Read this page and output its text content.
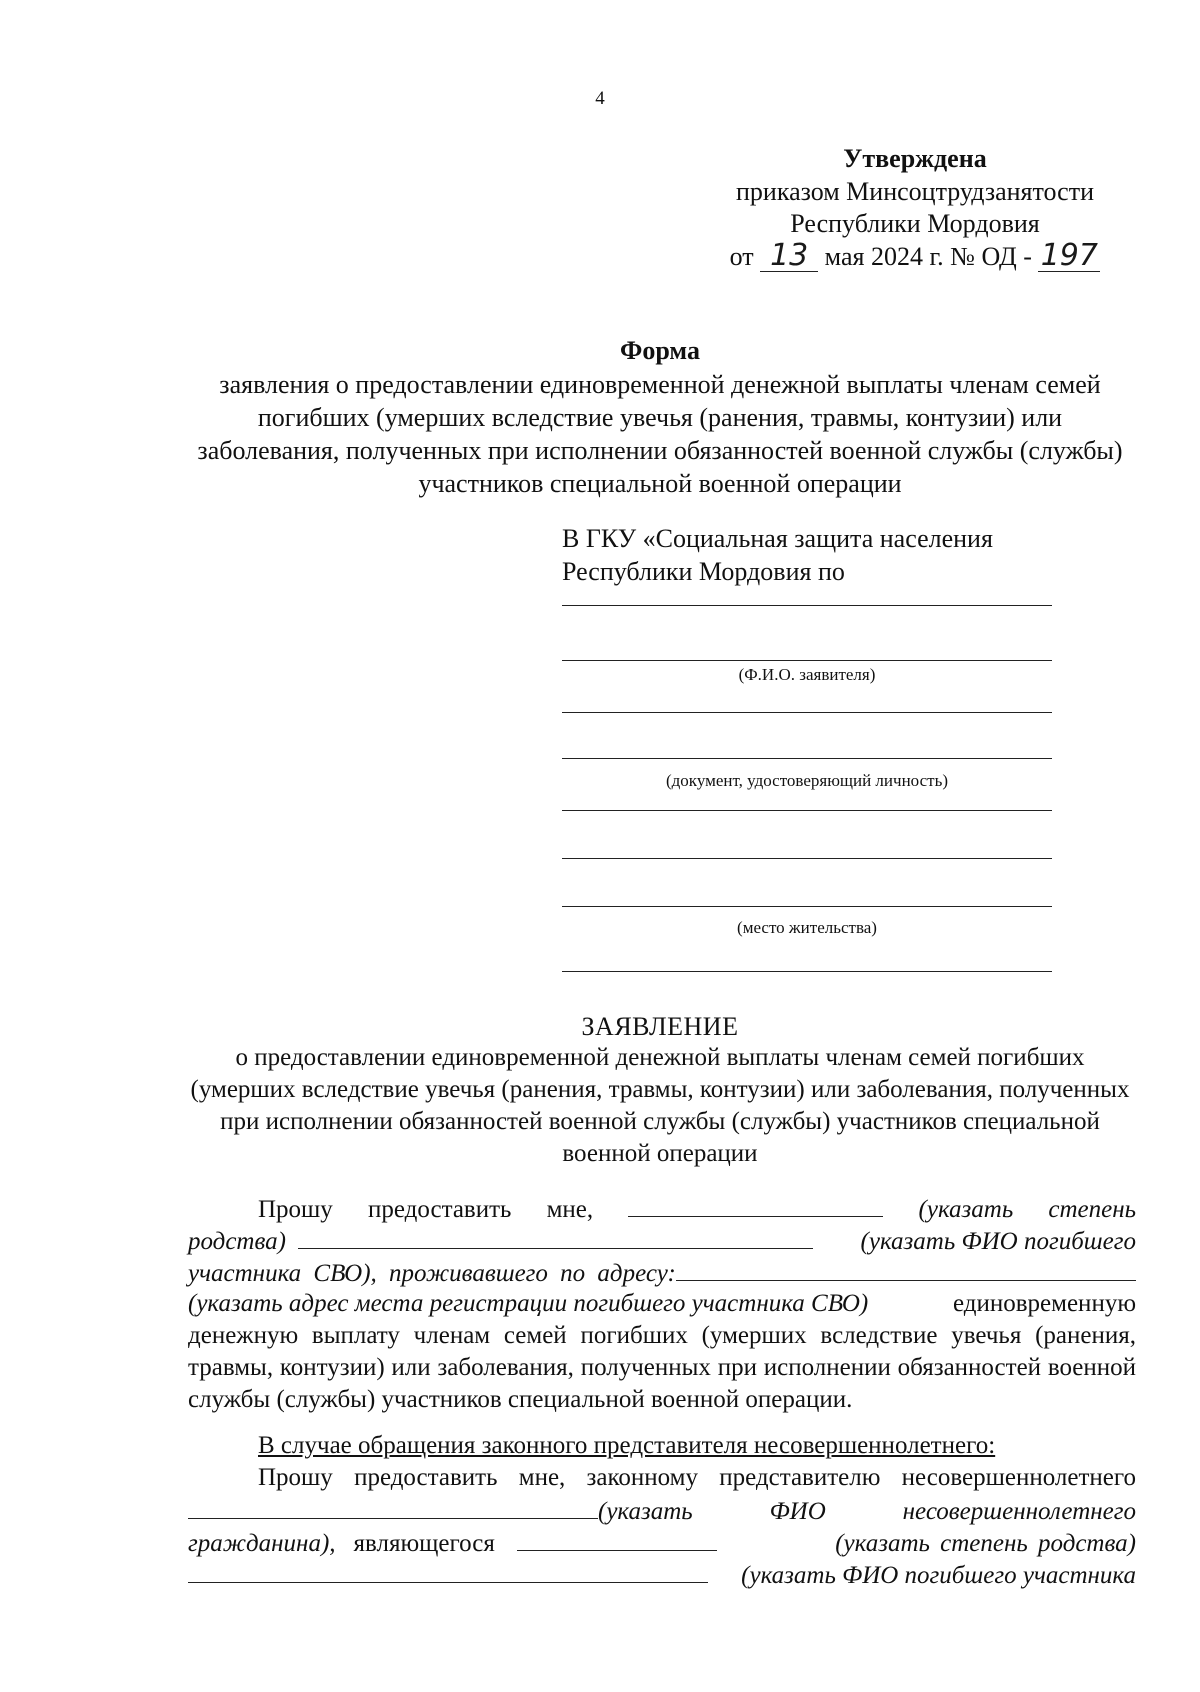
4
Утверждена
приказом Минсоцтрудзанятости
Республики Мордовия
от 13 мая 2024 г. № ОД - 197
Форма
заявления о предоставлении единовременной денежной выплаты членам семей погибших (умерших вследствие увечья (ранения, травмы, контузии) или заболевания, полученных при исполнении обязанностей военной службы (службы) участников специальной военной операции
В ГКУ «Социальная защита населения
Республики Мордовия по
(Ф.И.О. заявителя)
(документ, удостоверяющий личность)
(место жительства)
ЗАЯВЛЕНИЕ
о предоставлении единовременной денежной выплаты членам семей погибших (умерших вследствие увечья (ранения, травмы, контузии) или заболевания, полученных при исполнении обязанностей военной службы (службы) участников специальной военной операции
Прошу предоставить мне,	(указать степень
родства)	(указать ФИО погибшего
участника СВО), проживавшего по адресу:
(указать адрес места регистрации погибшего участника СВО)	единовременную
денежную выплату членам семей погибших (умерших вследствие увечья (ранения, травмы, контузии) или заболевания, полученных при исполнении обязанностей военной службы (службы) участников специальной военной операции.
В случае обращения законного представителя несовершеннолетнего:
Прошу предоставить мне, законному представителю несовершеннолетнего
(указать	ФИО	несовершеннолетнего
гражданина), являющегося	(указать степень родства)
(указать ФИО погибшего участника
